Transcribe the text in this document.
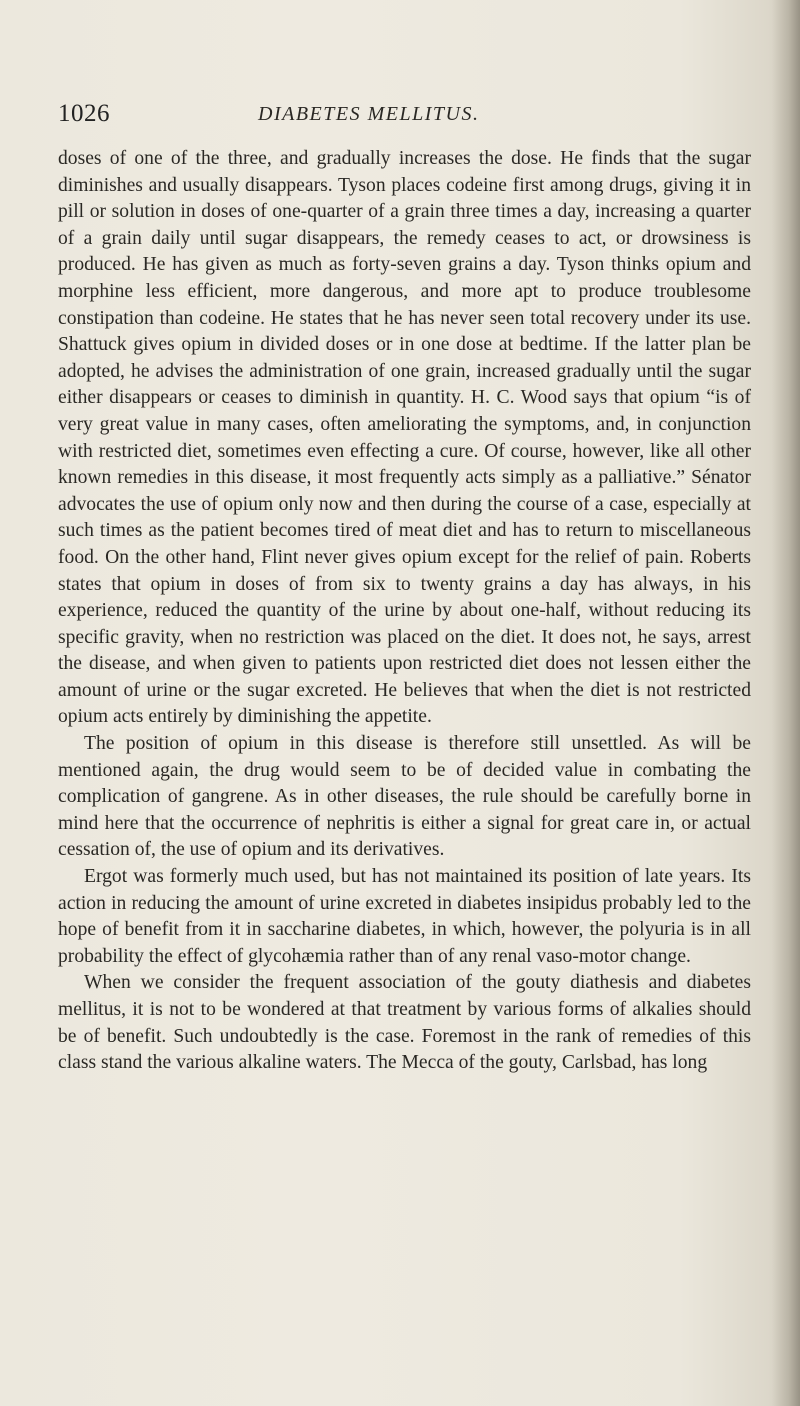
1026	DIABETES MELLITUS.

doses of one of the three, and gradually increases the dose. He finds that the sugar diminishes and usually disappears. Tyson places codeine first among drugs, giving it in pill or solution in doses of one-quarter of a grain three times a day, increasing a quarter of a grain daily until sugar disappears, the remedy ceases to act, or drowsiness is produced. He has given as much as forty-seven grains a day. Tyson thinks opium and morphine less efficient, more dangerous, and more apt to produce troublesome constipation than codeine. He states that he has never seen total recovery under its use. Shattuck gives opium in divided doses or in one dose at bedtime. If the latter plan be adopted, he advises the administration of one grain, increased gradually until the sugar either disappears or ceases to diminish in quantity. H. C. Wood says that opium “is of very great value in many cases, often ameliorating the symptoms, and, in conjunction with restricted diet, sometimes even effecting a cure. Of course, however, like all other known remedies in this disease, it most frequently acts simply as a palliative.” Sénator advocates the use of opium only now and then during the course of a case, especially at such times as the patient becomes tired of meat diet and has to return to miscellaneous food. On the other hand, Flint never gives opium except for the relief of pain. Roberts states that opium in doses of from six to twenty grains a day has always, in his experience, reduced the quantity of the urine by about one-half, without reducing its specific gravity, when no restriction was placed on the diet. It does not, he says, arrest the disease, and when given to patients upon restricted diet does not lessen either the amount of urine or the sugar excreted. He believes that when the diet is not restricted opium acts entirely by diminishing the appetite.

The position of opium in this disease is therefore still unsettled. As will be mentioned again, the drug would seem to be of decided value in combating the complication of gangrene. As in other diseases, the rule should be carefully borne in mind here that the occurrence of nephritis is either a signal for great care in, or actual cessation of, the use of opium and its derivatives.

Ergot was formerly much used, but has not maintained its position of late years. Its action in reducing the amount of urine excreted in diabetes insipidus probably led to the hope of benefit from it in saccharine diabetes, in which, however, the polyuria is in all probability the effect of glycohæmia rather than of any renal vaso-motor change.

When we consider the frequent association of the gouty diathesis and diabetes mellitus, it is not to be wondered at that treatment by various forms of alkalies should be of benefit. Such undoubtedly is the case. Foremost in the rank of remedies of this class stand the various alkaline waters. The Mecca of the gouty, Carlsbad, has long
